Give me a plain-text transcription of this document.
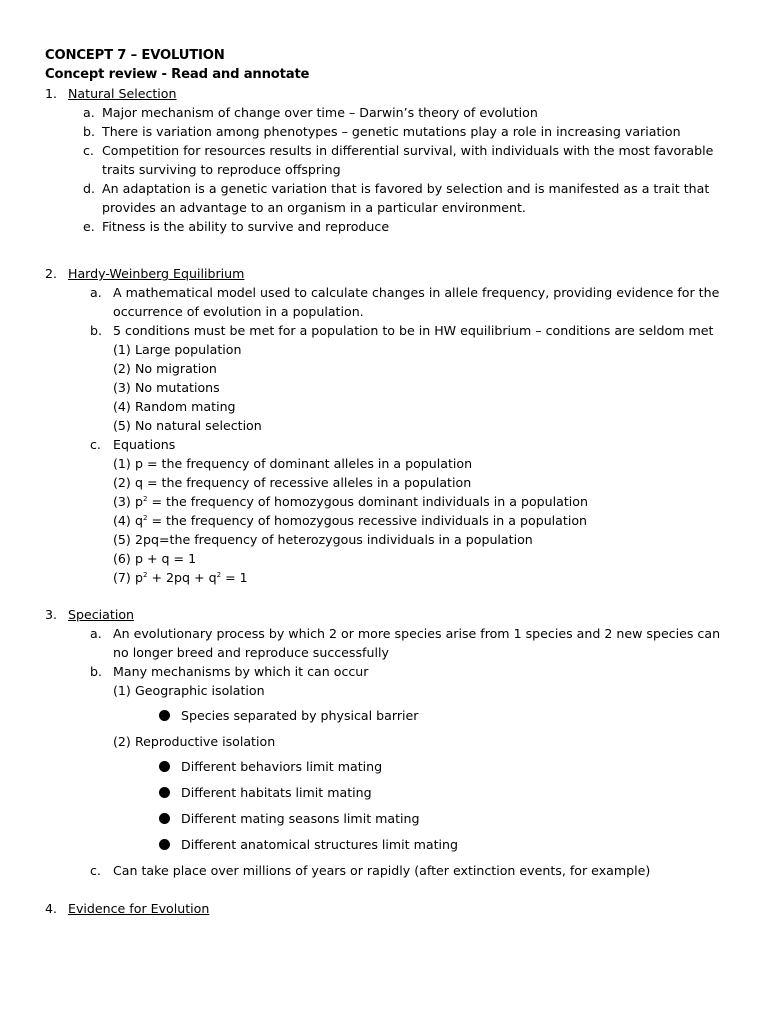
CONCEPT 7 – EVOLUTION
Concept review - Read and annotate
1. Natural Selection
a. Major mechanism of change over time – Darwin’s theory of evolution
b. There is variation among phenotypes – genetic mutations play a role in increasing variation
c. Competition for resources results in differential survival, with individuals with the most favorable traits surviving to reproduce offspring
d. An adaptation is a genetic variation that is favored by selection and is manifested as a trait that provides an advantage to an organism in a particular environment.
e. Fitness is the ability to survive and reproduce
2. Hardy-Weinberg Equilibrium
a. A mathematical model used to calculate changes in allele frequency, providing evidence for the occurrence of evolution in a population.
b. 5 conditions must be met for a population to be in HW equilibrium – conditions are seldom met
(1) Large population
(2) No migration
(3) No mutations
(4) Random mating
(5) No natural selection
c. Equations
(1) p = the frequency of dominant alleles in a population
(2) q = the frequency of recessive alleles in a population
(3) $p^2$ = the frequency of homozygous dominant individuals in a population
(4) $q^2$ = the frequency of homozygous recessive individuals in a population
(5) 2pq=the frequency of heterozygous individuals in a population
(6) p + q = 1
(7) $p^2 + 2pq + q^2 = 1$
3. Speciation
a. An evolutionary process by which 2 or more species arise from 1 species and 2 new species can no longer breed and reproduce successfully
b. Many mechanisms by which it can occur
(1) Geographic isolation
Species separated by physical barrier
(2) Reproductive isolation
Different behaviors limit mating
Different habitats limit mating
Different mating seasons limit mating
Different anatomical structures limit mating
c. Can take place over millions of years or rapidly (after extinction events, for example)
4. Evidence for Evolution
